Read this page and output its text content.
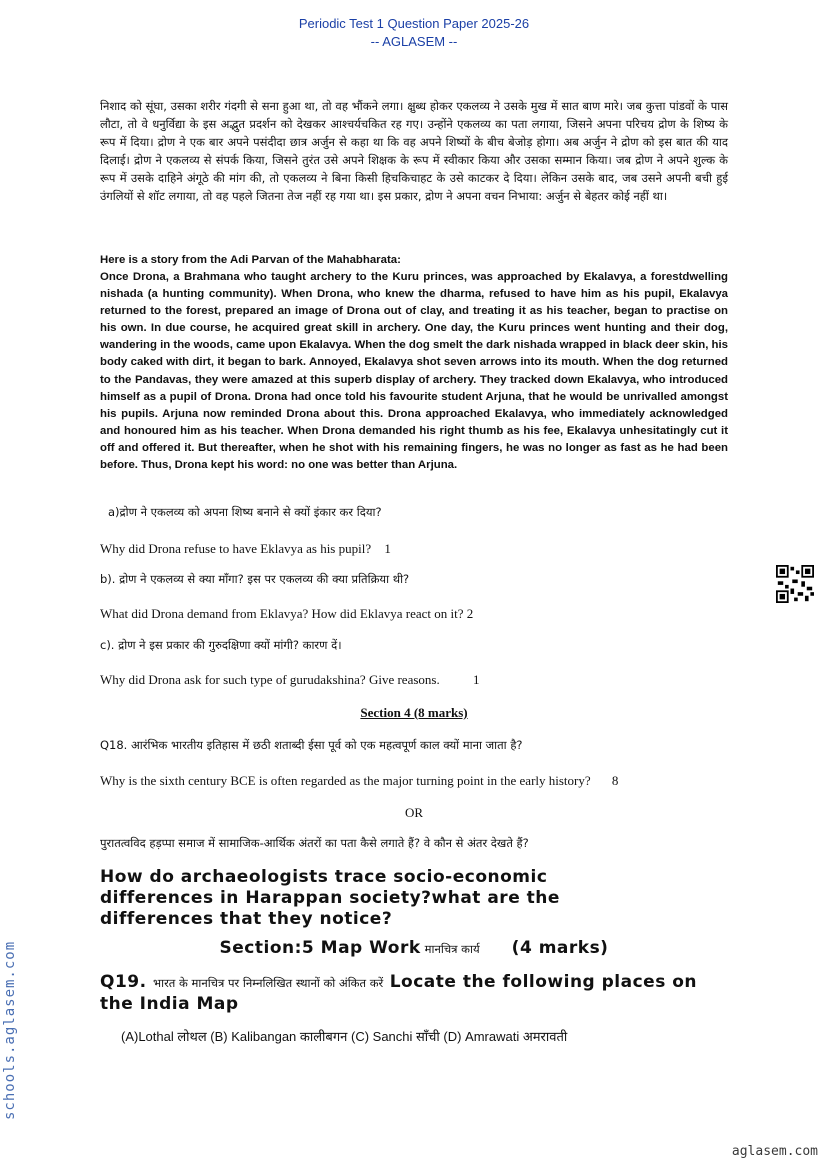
Periodic Test 1 Question Paper 2025-26
-- AGLASEM --
निशाद को सूंघा, उसका शरीर गंदगी से सना हुआ था, तो वह भौंकने लगा। क्षुब्ध होकर एकलव्य ने उसके मुख में सात बाण मारे। जब कुत्ता पांडवों के पास लौटा, तो वे धनुर्विद्या के इस अद्भुत प्रदर्शन को देखकर आश्चर्यचकित रह गए। उन्होंने एकलव्य का पता लगाया, जिसने अपना परिचय द्रोण के शिष्य के रूप में दिया। द्रोण ने एक बार अपने पसंदीदा छात्र अर्जुन से कहा था कि वह अपने शिष्यों के बीच बेजोड़ होगा। अब अर्जुन ने द्रोण को इस बात की याद दिलाई। द्रोण ने एकलव्य से संपर्क किया, जिसने तुरंत उसे अपने शिक्षक के रूप में स्वीकार किया और उसका सम्मान किया। जब द्रोण ने अपने शुल्क के रूप में उसके दाहिने अंगूठे की मांग की, तो एकलव्य ने बिना किसी हिचकिचाहट के उसे काटकर दे दिया। लेकिन उसके बाद, जब उसने अपनी बची हुई उंगलियों से शॉट लगाया, तो वह पहले जितना तेज नहीं रह गया था। इस प्रकार, द्रोण ने अपना वचन निभाया: अर्जुन से बेहतर कोई नहीं था।
Here is a story from the Adi Parvan of the Mahabharata:
Once Drona, a Brahmana who taught archery to the Kuru princes, was approached by Ekalavya, a forestdwelling nishada (a hunting community). When Drona, who knew the dharma, refused to have him as his pupil, Ekalavya returned to the forest, prepared an image of Drona out of clay, and treating it as his teacher, began to practise on his own. In due course, he acquired great skill in archery. One day, the Kuru princes went hunting and their dog, wandering in the woods, came upon Ekalavya. When the dog smelt the dark nishada wrapped in black deer skin, his body caked with dirt, it began to bark. Annoyed, Ekalavya shot seven arrows into its mouth. When the dog returned to the Pandavas, they were amazed at this superb display of archery. They tracked down Ekalavya, who introduced himself as a pupil of Drona. Drona had once told his favourite student Arjuna, that he would be unrivalled amongst his pupils. Arjuna now reminded Drona about this. Drona approached Ekalavya, who immediately acknowledged and honoured him as his teacher. When Drona demanded his right thumb as his fee, Ekalavya unhesitatingly cut it off and offered it. But thereafter, when he shot with his remaining fingers, he was no longer as fast as he had been before. Thus, Drona kept his word: no one was better than Arjuna.
a)द्रोण ने एकलव्य को अपना शिष्य बनाने से क्यों इंकार कर दिया?
Why did Drona refuse to have Eklavya as his pupil? 1
b). द्रोण ने एकलव्य से क्या माँगा? इस पर एकलव्य की क्या प्रतिक्रिया थी?
What did Drona demand from Eklavya? How did Eklavya react on it? 2
c). द्रोण ने इस प्रकार की गुरुदक्षिणा क्यों मांगी? कारण दें।
Why did Drona ask for such type of gurudakshina? Give reasons.	1
Section 4 (8 marks)
Q18. आरंभिक भारतीय इतिहास में छठी शताब्दी ईसा पूर्व को एक महत्वपूर्ण काल क्यों माना जाता है?
Why is the sixth century BCE is often regarded as the major turning point in the early history? 8
OR
पुरातत्वविद हड़प्पा समाज में सामाजिक-आर्थिक अंतरों का पता कैसे लगाते हैं? वे कौन से अंतर देखते हैं?
How do archaeologists trace socio-economic differences in Harappan society?what are the differences that they notice?
Section:5 Map Work मानचित्र कार्य (4 marks)
Q19. भारत के मानचित्र पर निम्नलिखित स्थानों को अंकित करें Locate the following places on the India Map
(A)Lothal लोथल (B) Kalibangan कालीबगन (C) Sanchi साँची (D) Amrawati अमरावती
schools.aglasem.com
aglasem.com
